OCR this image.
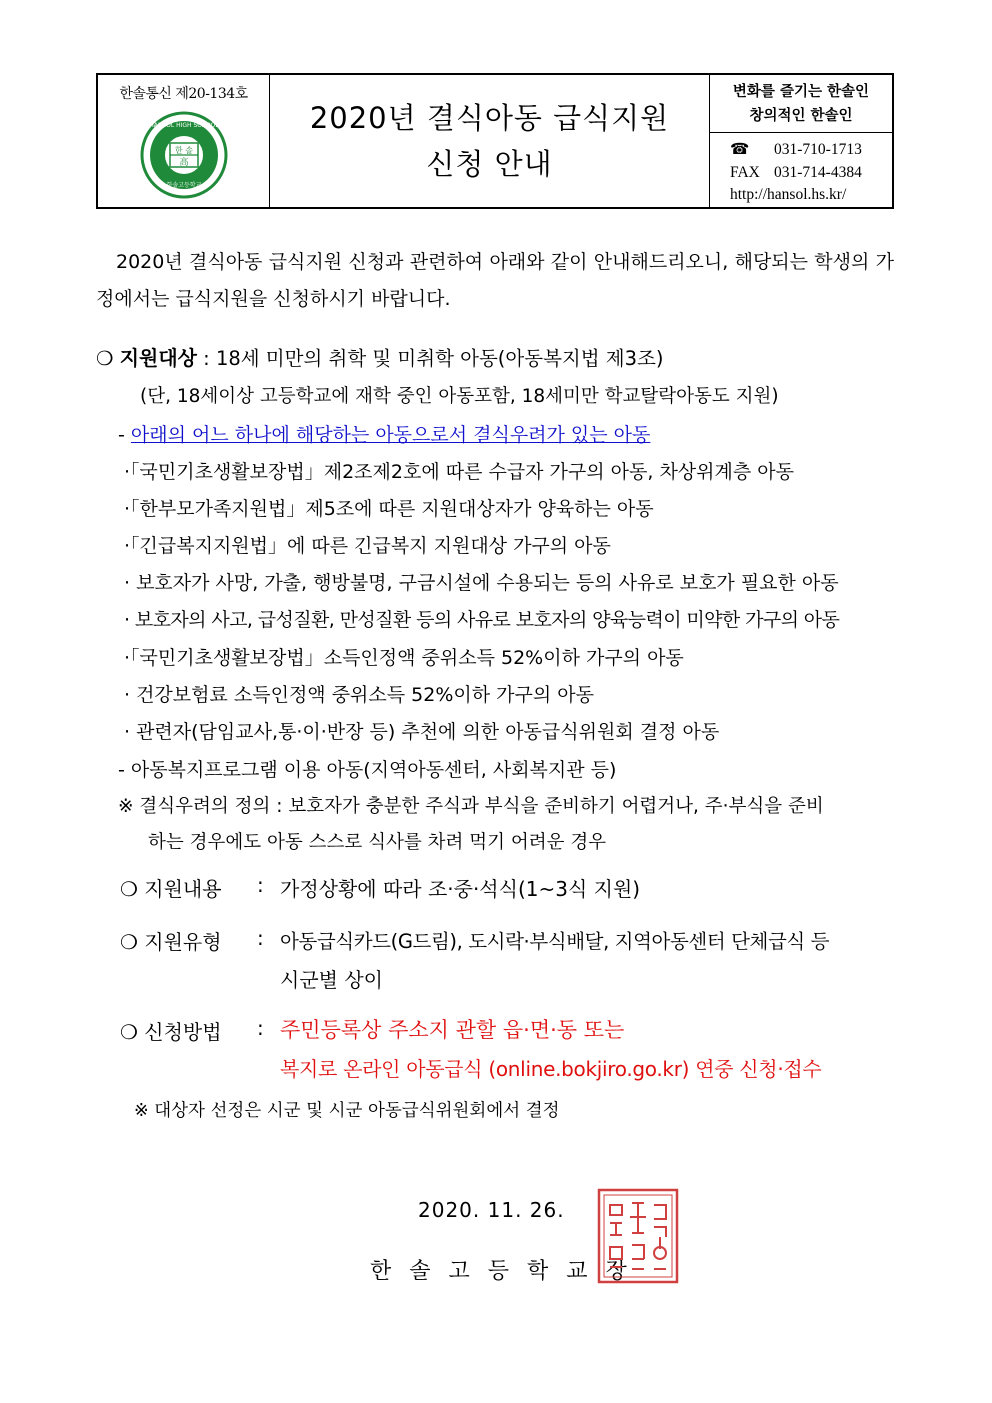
한솔통신 제20-134호
한 솔
高
HANSOL HIGH SCHOOL
한솔고등학교
2020년 결식아동 급식지원
신청 안내
변화를 즐기는 한솔인
창의적인 한솔인
☎ 031-710-1713
FAX 031-714-4384
http://hansol.hs.kr/
2020년 결식아동 급식지원 신청과 관련하여 아래와 같이 안내해드리오니, 해당되는 학생의 가정에서는 급식지원을 신청하시기 바랍니다.
❍ 지원대상 : 18세 미만의 취학 및 미취학 아동(아동복지법 제3조)
(단, 18세이상 고등학교에 재학 중인 아동포함, 18세미만 학교탈락아동도 지원)
- 아래의 어느 하나에 해당하는 아동으로서 결식우려가 있는 아동
·「국민기초생활보장법」제2조제2호에 따른 수급자 가구의 아동, 차상위계층 아동
·「한부모가족지원법」제5조에 따른 지원대상자가 양육하는 아동
·「긴급복지지원법」에 따른 긴급복지 지원대상 가구의 아동
· 보호자가 사망, 가출, 행방불명, 구금시설에 수용되는 등의 사유로 보호가 필요한 아동
· 보호자의 사고, 급성질환, 만성질환 등의 사유로 보호자의 양육능력이 미약한 가구의 아동
·「국민기초생활보장법」소득인정액 중위소득 52%이하 가구의 아동
· 건강보험료 소득인정액 중위소득 52%이하 가구의 아동
· 관련자(담임교사,통·이·반장 등) 추천에 의한 아동급식위원회 결정 아동
- 아동복지프로그램 이용 아동(지역아동센터, 사회복지관 등)
※ 결식우려의 정의 : 보호자가 충분한 주식과 부식을 준비하기 어렵거나, 주·부식을 준비
하는 경우에도 아동 스스로 식사를 차려 먹기 어려운 경우
❍ 지원내용 : 가정상황에 따라 조·중·석식(1~3식 지원)
❍ 지원유형 : 아동급식카드(G드림), 도시락·부식배달, 지역아동센터 단체급식 등
시군별 상이
❍ 신청방법 : 주민등록상 주소지 관할 읍·면·동 또는
복지로 온라인 아동급식 (online.bokjiro.go.kr) 연중 신청·접수
※ 대상자 선정은 시군 및 시군 아동급식위원회에서 결정
2020. 11. 26.
한솔고등학교장
